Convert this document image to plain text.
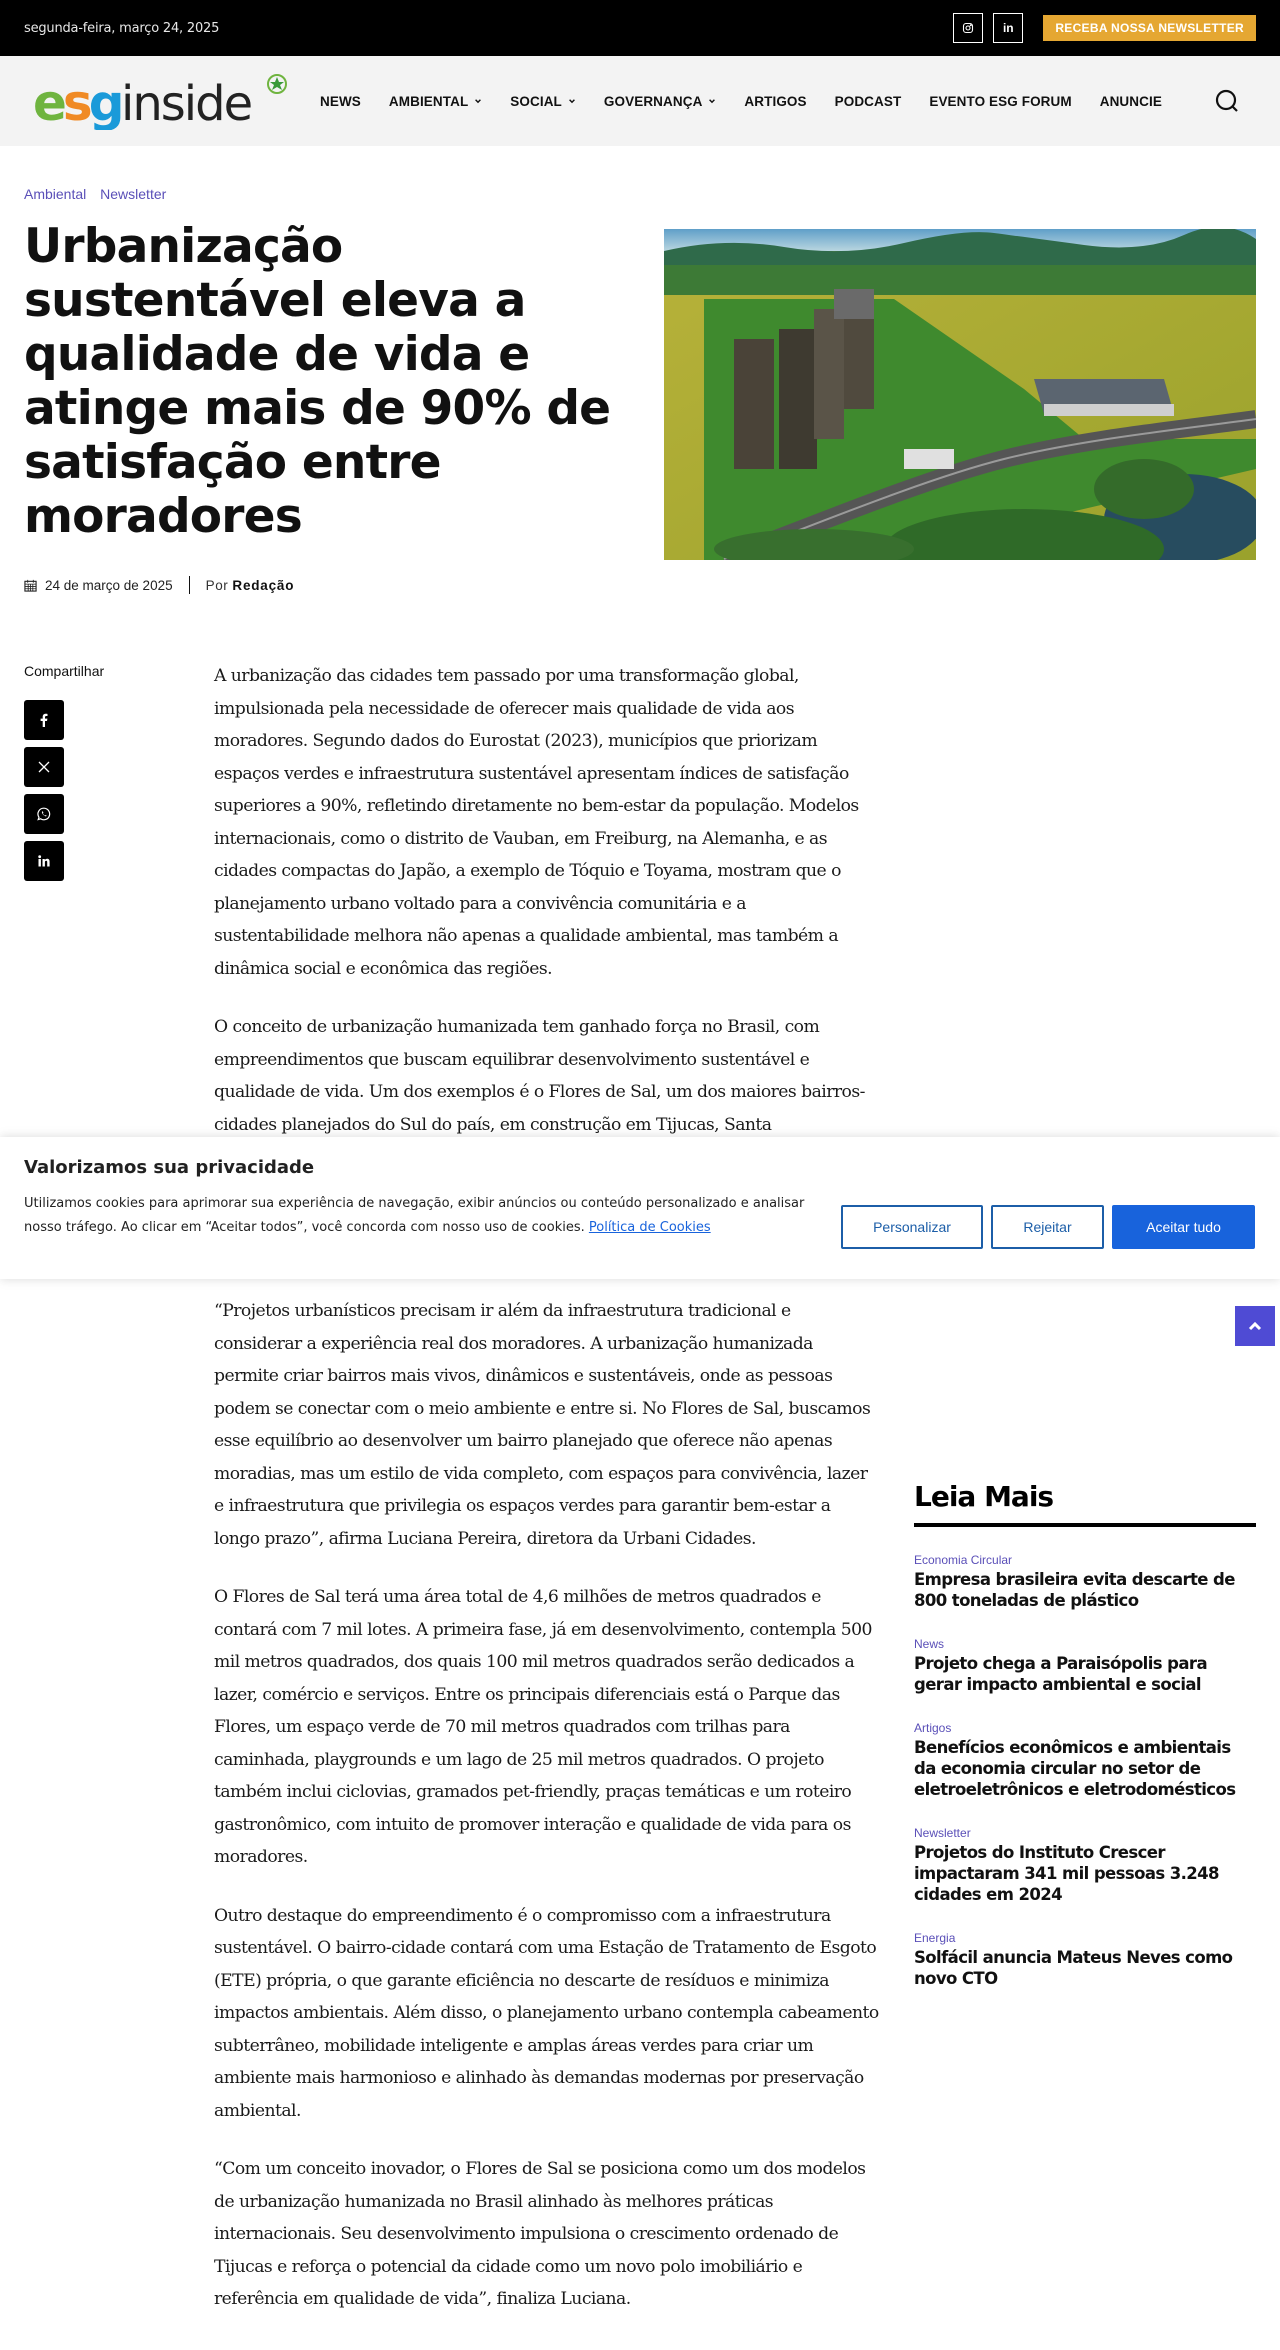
segunda-feira, março 24, 2025	in	RECEBA NOSSA NEWSLETTER
esg inside	NEWS AMBIENTAL	SOCIAL	GOVERNANÇA	ARTIGOS PODCAST EVENTO ESG FORUM ANUNCIE
Ambiental Newsletter
Urbanização sustentável eleva a qualidade de vida e atinge mais de 90% de satisfação entre moradores
24 de março de 2025 Por Redação
Compartilhar	A urbanização das cidades tem passado por uma transformação global, impulsionada pela necessidade de oferecer mais qualidade de vida aos moradores. Segundo dados do Eurostat (2023), municípios que priorizam espaços verdes e infraestrutura sustentável apresentam índices de satisfação superiores a 90%, refletindo diretamente no bem-estar da população. Modelos internacionais, como o distrito de Vauban, em Freiburg, na Alemanha, e as cidades compactas do Japão, a exemplo de Tóquio e Toyama, mostram que o planejamento urbano voltado para a convivência comunitária e a sustentabilidade melhora não apenas a qualidade ambiental, mas também a dinâmica social e econômica das regiões.

O conceito de urbanização humanizada tem ganhado força no Brasil, com empreendimentos que buscam equilibrar desenvolvimento sustentável e qualidade de vida. Um dos exemplos é o Flores de Sal, um dos maiores bairros-cidades planejados do Sul do país, em construção em Tijucas, Santa

“Projetos urbanísticos precisam ir além da infraestrutura tradicional e considerar a experiência real dos moradores. A urbanização humanizada permite criar bairros mais vivos, dinâmicos e sustentáveis, onde as pessoas podem se conectar com o meio ambiente e entre si. No Flores de Sal, buscamos esse equilíbrio ao desenvolver um bairro planejado que oferece não apenas moradias, mas um estilo de vida completo, com espaços para convivência, lazer e infraestrutura que privilegia os espaços verdes para garantir bem-estar a longo prazo”, afirma Luciana Pereira, diretora da Urbani Cidades.

O Flores de Sal terá uma área total de 4,6 milhões de metros quadrados e contará com 7 mil lotes. A primeira fase, já em desenvolvimento, contempla 500 mil metros quadrados, dos quais 100 mil metros quadrados serão dedicados a lazer, comércio e serviços. Entre os principais diferenciais está o Parque das Flores, um espaço verde de 70 mil metros quadrados com trilhas para caminhada, playgrounds e um lago de 25 mil metros quadrados. O projeto também inclui ciclovias, gramados pet-friendly, praças temáticas e um roteiro gastronômico, com intuito de promover interação e qualidade de vida para os moradores.

Outro destaque do empreendimento é o compromisso com a infraestrutura sustentável. O bairro-cidade contará com uma Estação de Tratamento de Esgoto (ETE) própria, o que garante eficiência no descarte de resíduos e minimiza impactos ambientais. Além disso, o planejamento urbano contempla cabeamento subterrâneo, mobilidade inteligente e amplas áreas verdes para criar um ambiente mais harmonioso e alinhado às demandas modernas por preservação ambiental.

“Com um conceito inovador, o Flores de Sal se posiciona como um dos modelos de urbanização humanizada no Brasil alinhado às melhores práticas internacionais. Seu desenvolvimento impulsiona o crescimento ordenado de Tijucas e reforça o potencial da cidade como um novo polo imobiliário e referência em qualidade de vida”, finaliza Luciana.

Leia Mais
Economia Circular
Empresa brasileira evita descarte de 800 toneladas de plástico
News
Projeto chega a Paraisópolis para gerar impacto ambiental e social
Artigos
Benefícios econômicos e ambientais da economia circular no setor de eletroeletrônicos e eletrodomésticos
Newsletter
Projetos do Instituto Crescer impactaram 341 mil pessoas 3.248 cidades em 2024
Energia
Solfácil anuncia Mateus Neves como novo CTO
Valorizamos sua privacidade
Utilizamos cookies para aprimorar sua experiência de navegação, exibir anúncios ou conteúdo personalizado e analisar nosso tráfego. Ao clicar em “Aceitar todos”, você concorda com nosso uso de cookies. Política de Cookies	Personalizar	Rejeitar	Aceitar tudo
